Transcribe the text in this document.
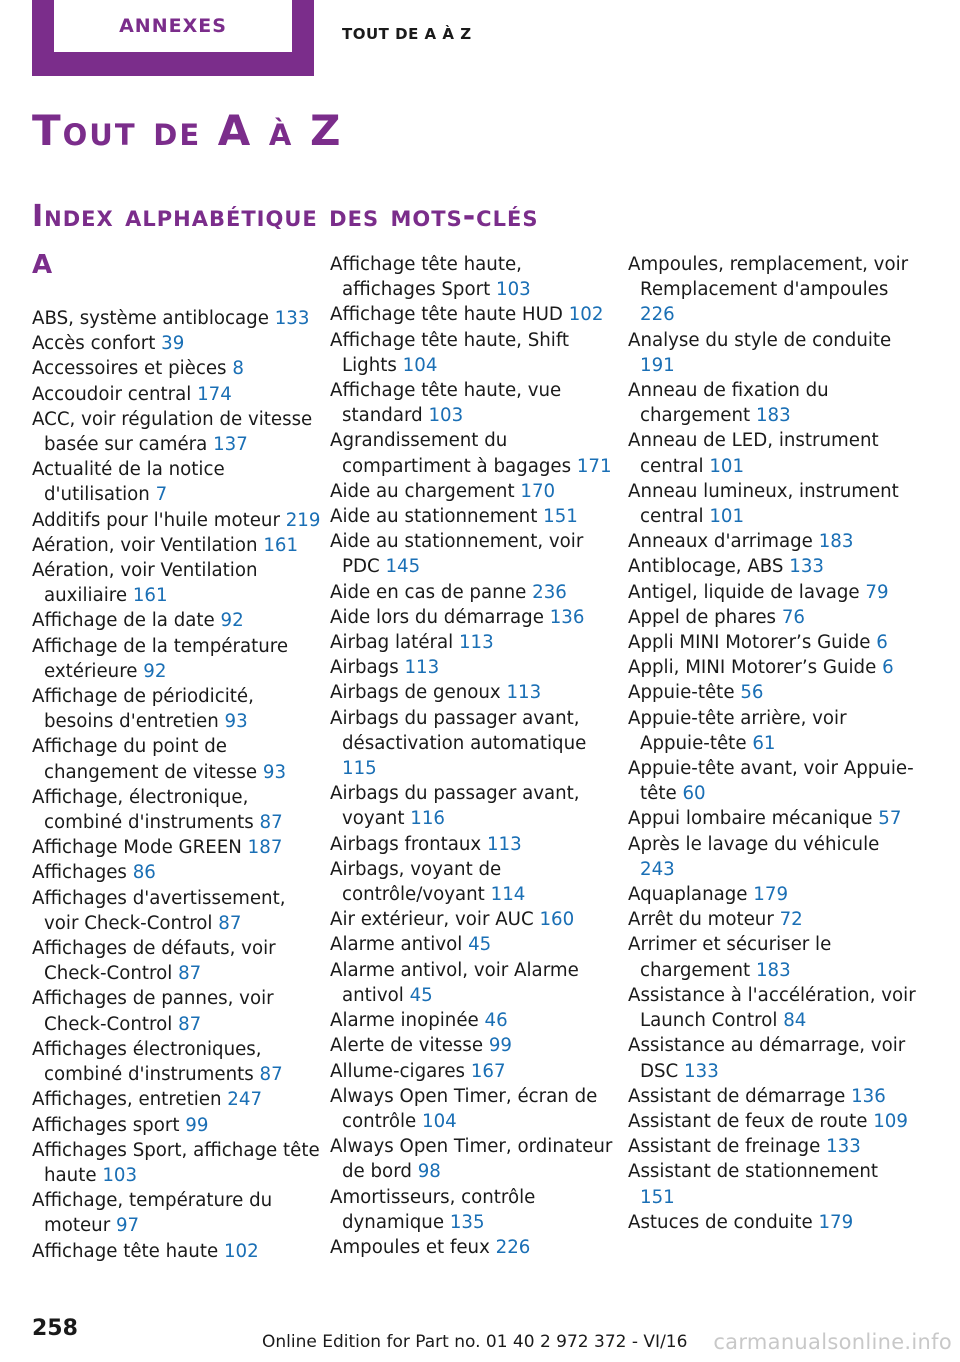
ANNEXES	TOUT DE A À Z
Tout de A à Z
Index alphabétique des mots-clés
A

ABS, système antiblocage 133

Accès confort 39

Accessoires et pièces 8

Accoudoir central 174

ACC, voir régulation de vitesse basée sur caméra 137

Actualité de la notice d'utilisation 7

Additifs pour l'huile moteur 219

Aération, voir Ventilation 161

Aération, voir Ventilation auxiliaire 161

Affichage de la date 92

Affichage de la température extérieure 92

Affichage de périodicité, besoins d'entretien 93

Affichage du point de changement de vitesse 93

Affichage, électronique, combiné d'instruments 87

Affichage Mode GREEN 187

Affichages 86

Affichages d'avertissement, voir Check-Control 87

Affichages de défauts, voir Check-Control 87

Affichages de pannes, voir Check-Control 87

Affichages électroniques, combiné d'instruments 87

Affichages, entretien 247

Affichages sport 99

Affichages Sport, affichage tête haute 103

Affichage, température du moteur 97

Affichage tête haute 102

Affichage tête haute, affichages Sport 103

Affichage tête haute HUD 102

Affichage tête haute, Shift Lights 104

Affichage tête haute, vue standard 103

Agrandissement du compartiment à bagages 171

Aide au chargement 170

Aide au stationnement 151

Aide au stationnement, voir PDC 145

Aide en cas de panne 236

Aide lors du démarrage 136

Airbag latéral 113

Airbags 113

Airbags de genoux 113

Airbags du passager avant, désactivation automatique 115

Airbags du passager avant, voyant 116

Airbags frontaux 113

Airbags, voyant de contrôle/voyant 114

Air extérieur, voir AUC 160

Alarme antivol 45

Alarme antivol, voir Alarme antivol 45

Alarme inopinée 46

Alerte de vitesse 99

Allume-cigares 167

Always Open Timer, écran de contrôle 104

Always Open Timer, ordinateur de bord 98

Amortisseurs, contrôle dynamique 135

Ampoules et feux 226

Ampoules, remplacement, voir Remplacement d'ampoules 226

Analyse du style de conduite 191

Anneau de fixation du chargement 183

Anneau de LED, instrument central 101

Anneau lumineux, instrument central 101

Anneaux d'arrimage 183

Antiblocage, ABS 133

Antigel, liquide de lavage 79

Appel de phares 76

Appli MINI Motorer’s Guide 6

Appli, MINI Motorer’s Guide 6

Appuie-tête 56

Appuie-tête arrière, voir Appuie-tête 61

Appuie-tête avant, voir Appuie-tête 60

Appui lombaire mécanique 57

Après le lavage du véhicule 243

Aquaplanage 179

Arrêt du moteur 72

Arrimer et sécuriser le chargement 183

Assistance à l'accélération, voir Launch Control 84

Assistance au démarrage, voir DSC 133

Assistant de démarrage 136

Assistant de feux de route 109

Assistant de freinage 133

Assistant de stationnement 151

Astuces de conduite 179

258
Online Edition for Part no. 01 40 2 972 372 - VI/16 carmanualsonline.info
